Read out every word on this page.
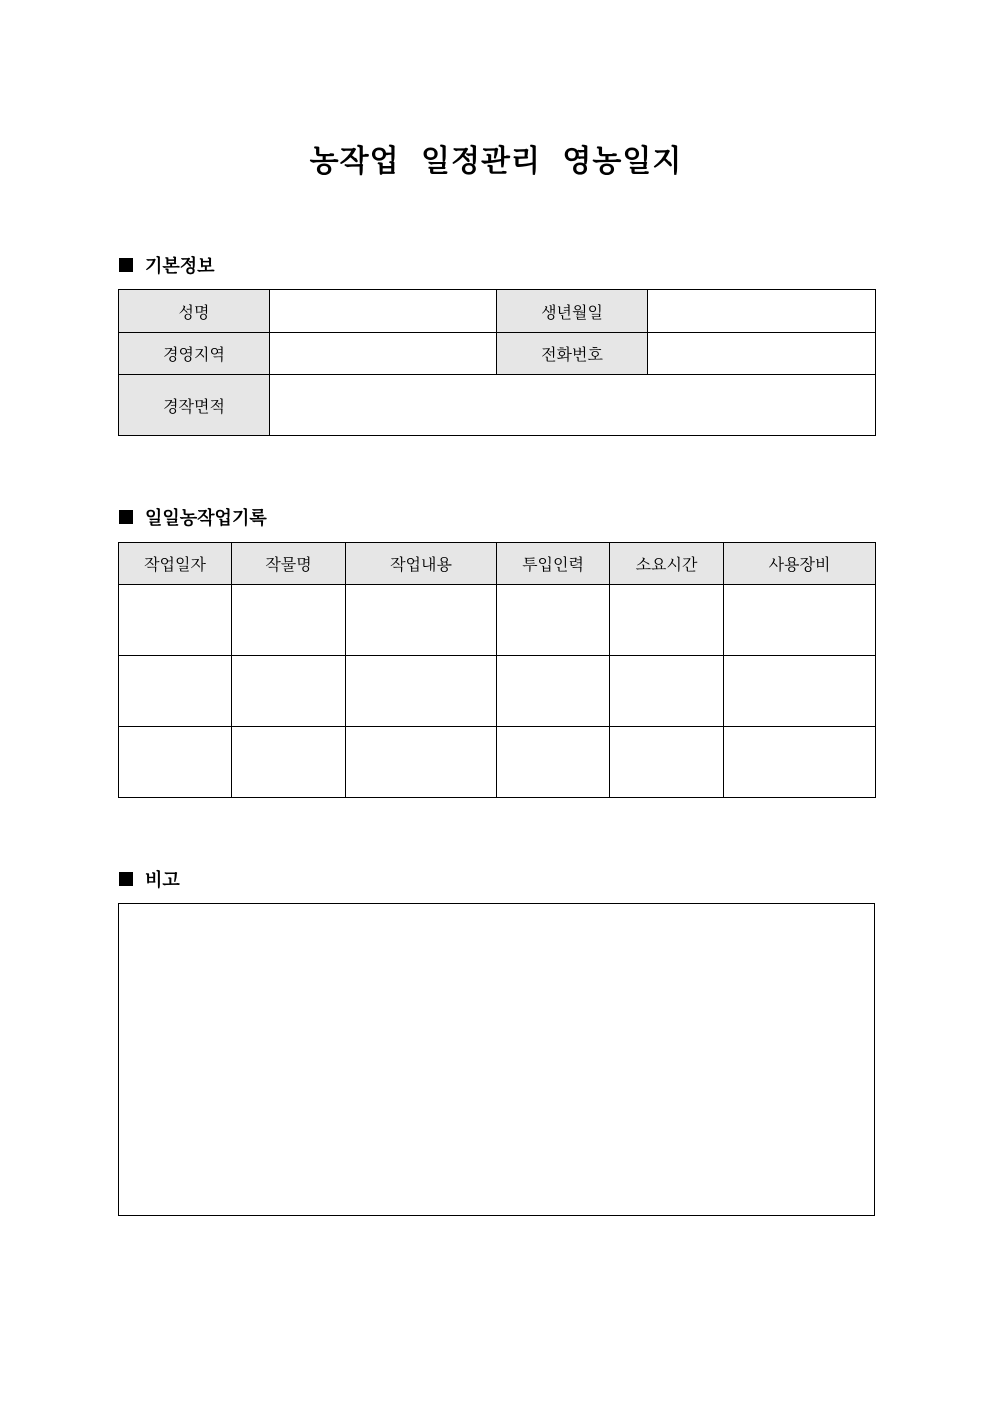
농작업 일정관리 영농일지
기본정보
성명		생년월일	
경영지역		전화번호	
경작면적			
일일농작업기록
작업일자	작물명	작업내용	투입인력	소요시간	사용장비

비고
